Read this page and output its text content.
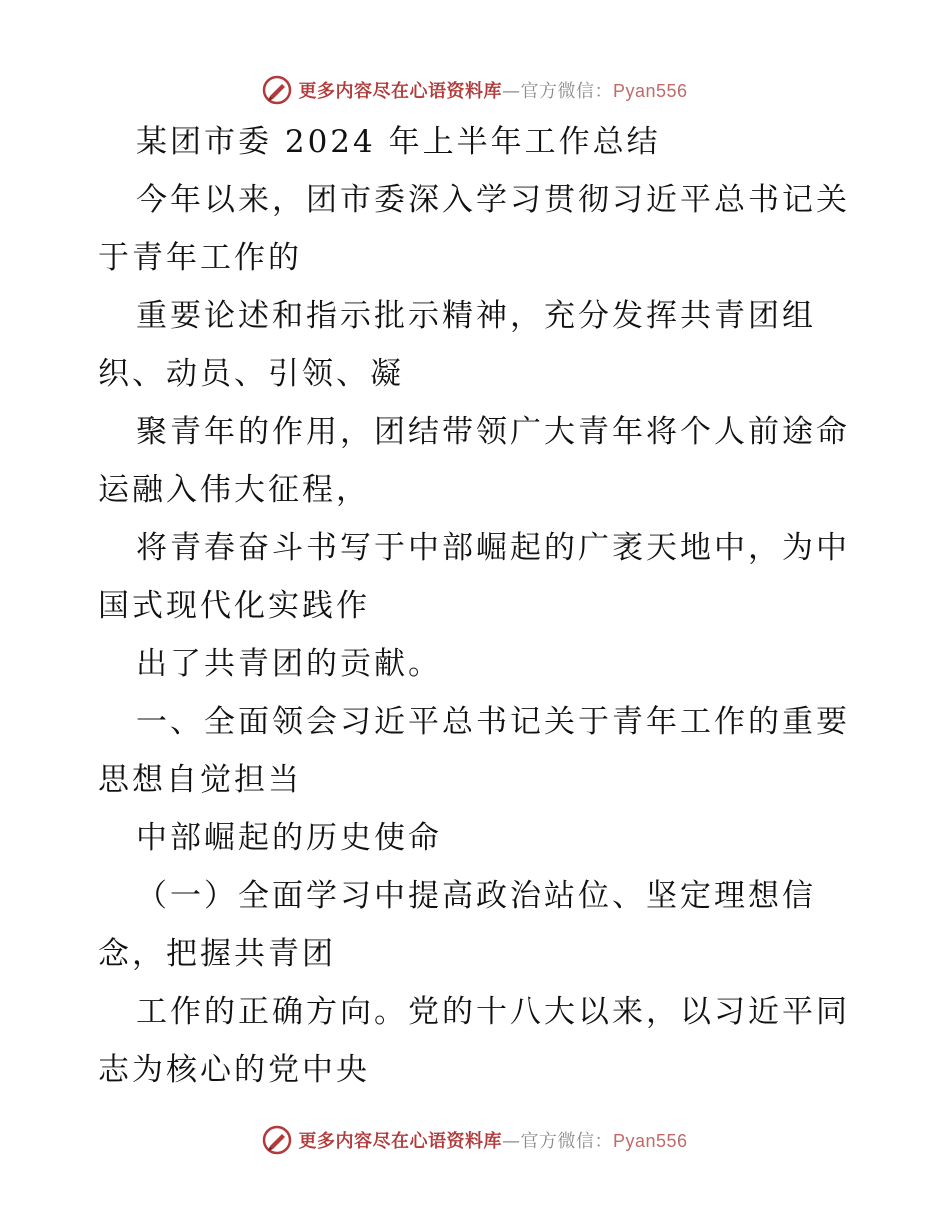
更多内容尽在心语资料库—官方微信：Pyan556
某团市委 2024 年上半年工作总结
今年以来，团市委深入学习贯彻习近平总书记关
于青年工作的
重要论述和指示批示精神，充分发挥共青团组
织、动员、引领、凝
聚青年的作用，团结带领广大青年将个人前途命
运融入伟大征程，
将青春奋斗书写于中部崛起的广袤天地中，为中
国式现代化实践作
出了共青团的贡献。
一、全面领会习近平总书记关于青年工作的重要
思想自觉担当
中部崛起的历史使命
（一）全面学习中提高政治站位、坚定理想信
念，把握共青团
工作的正确方向。党的十八大以来，以习近平同
志为核心的党中央
更多内容尽在心语资料库—官方微信：Pyan556
